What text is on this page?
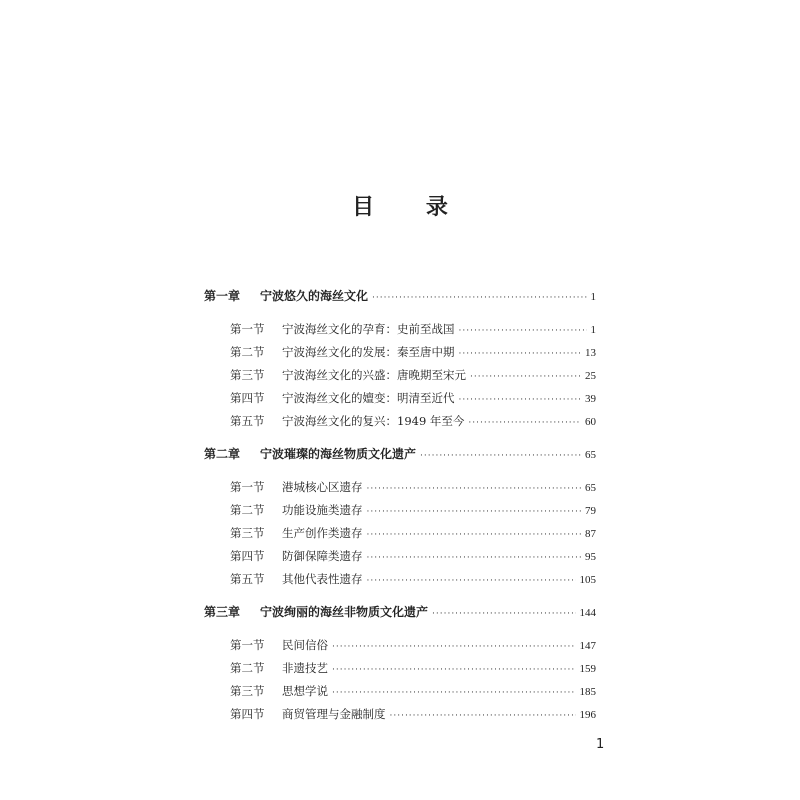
目 录
第一章	宁波悠久的海丝文化 ·····	1
第一节	宁波海丝文化的孕育：史前至战国 ·····	1
第二节	宁波海丝文化的发展：秦至唐中期 ·····	13
第三节	宁波海丝文化的兴盛：唐晚期至宋元 ·····	25
第四节	宁波海丝文化的嬗变：明清至近代 ·····	39
第五节	宁波海丝文化的复兴：1949 年至今 ·····	60
第二章	宁波璀璨的海丝物质文化遗产 ·····	65
第一节	港城核心区遗存 ·····	65
第二节	功能设施类遗存 ·····	79
第三节	生产创作类遗存 ·····	87
第四节	防御保障类遗存 ·····	95
第五节	其他代表性遗存 ·····	105
第三章	宁波绚丽的海丝非物质文化遗产 ·····	144
第一节	民间信俗 ·····	147
第二节	非遗技艺 ·····	159
第三节	思想学说 ·····	185
第四节	商贸管理与金融制度 ·····	196
1
